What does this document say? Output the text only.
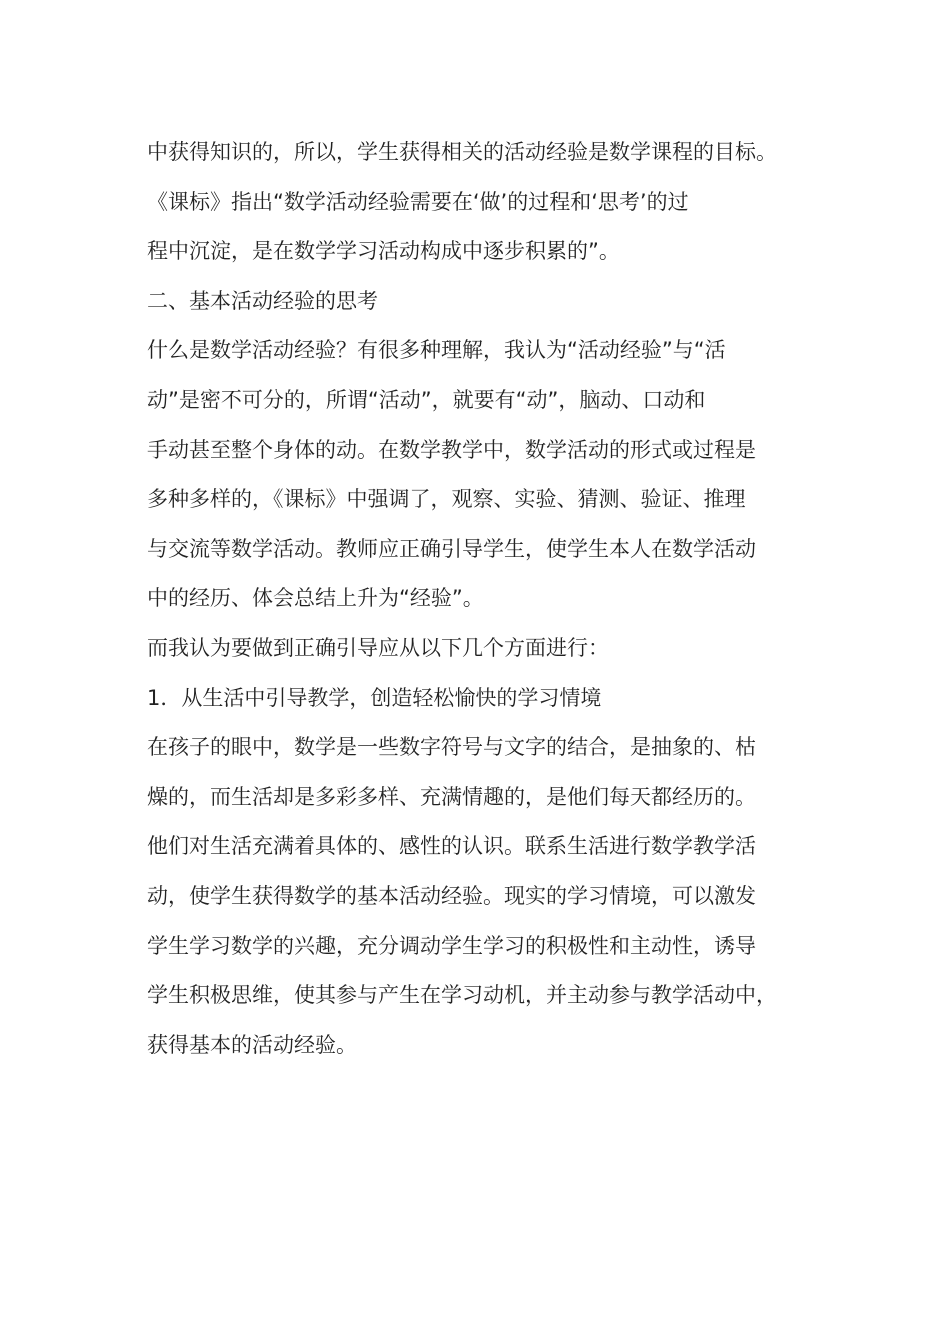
中获得知识的，所以，学生获得相关的活动经验是数学课程的目标。
《课标》指出“数学活动经验需要在‘做’的过程和‘思考’的过
程中沉淀，是在数学学习活动构成中逐步积累的”。
二、基本活动经验的思考
什么是数学活动经验？有很多种理解，我认为“活动经验”与“活
动”是密不可分的，所谓“活动”，就要有“动”，脑动、口动和
手动甚至整个身体的动。在数学教学中，数学活动的形式或过程是
多种多样的，《课标》中强调了，观察、实验、猜测、验证、推理
与交流等数学活动。教师应正确引导学生，使学生本人在数学活动
中的经历、体会总结上升为“经验”。
而我认为要做到正确引导应从以下几个方面进行：
1．从生活中引导教学，创造轻松愉快的学习情境
在孩子的眼中，数学是一些数字符号与文字的结合，是抽象的、枯
燥的，而生活却是多彩多样、充满情趣的，是他们每天都经历的。
他们对生活充满着具体的、感性的认识。联系生活进行数学教学活
动，使学生获得数学的基本活动经验。现实的学习情境，可以激发
学生学习数学的兴趣，充分调动学生学习的积极性和主动性，诱导
学生积极思维，使其参与产生在学习动机，并主动参与教学活动中，
获得基本的活动经验。
